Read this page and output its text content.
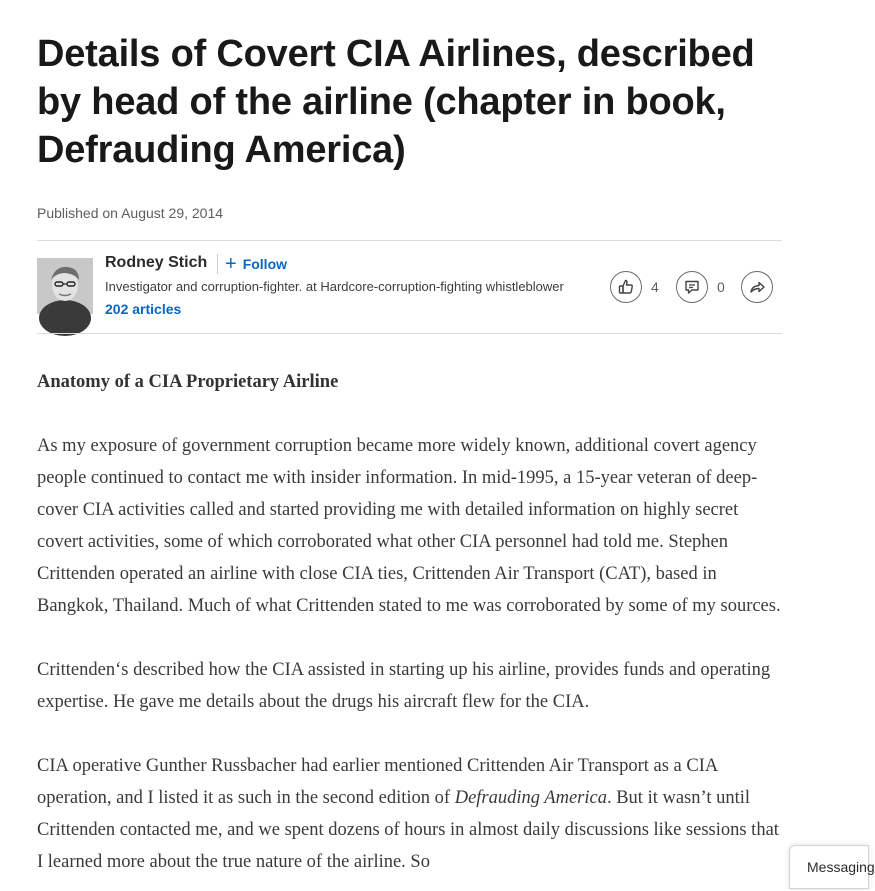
Details of Covert CIA Airlines, described by head of the airline (chapter in book, Defrauding America)
Published on August 29, 2014
Rodney Stich + Follow
Investigator and corruption-fighter. at Hardcore-corruption-fighting whistleblower
202 articles
4	0

Anatomy of a CIA Proprietary Airline

As my exposure of government corruption became more widely known, additional covert agency people continued to contact me with insider information. In mid-1995, a 15-year veteran of deep-cover CIA activities called and started providing me with detailed information on highly secret covert activities, some of which corroborated what other CIA personnel had told me. Stephen Crittenden operated an airline with close CIA ties, Crittenden Air Transport (CAT), based in Bangkok, Thailand. Much of what Crittenden stated to me was corroborated by some of my sources.

Crittenden‘s described how the CIA assisted in starting up his airline, provides funds and operating expertise. He gave me details about the drugs his aircraft flew for the CIA.

CIA operative Gunther Russbacher had earlier mentioned Crittenden Air Transport as a CIA operation, and I listed it as such in the second edition of Defrauding America. But it wasn’t until Crittenden contacted me, and we spent dozens of hours in almost daily discussions like sessions that I learned more about the true nature of the airline. So	Messaging
